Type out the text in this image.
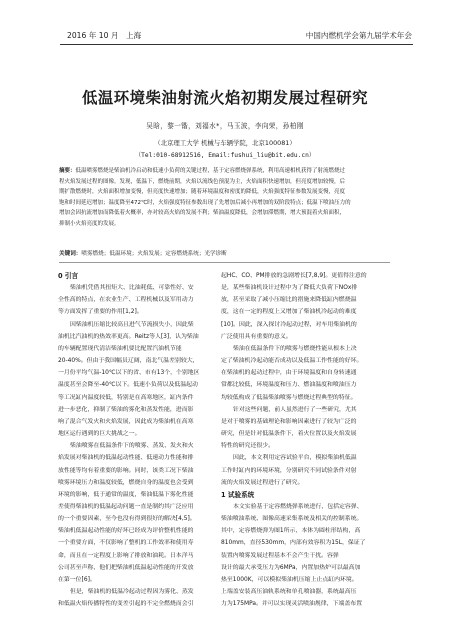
2016 年 10 月　上海	中国内燃机学会第九届学术年会
低温环境柴油射流火焰初期发展过程研究
吴晗，黎一锴，刘福水*，马玉波，李向荣，孙柏刚
（北京理工大学 机械与车辆学院，北京100081）
（Tel:010-68912516, Email:fushui_liu@bit.edu.cn）
摘要：低温喷雾燃烧是柴油机冷启动和低速小负荷的关键过程，基于定容燃烧弹系统，利用高速相机获得了射流燃烧过
程火焰发展过程的图像。发现，低温下，燃烧前期，火焰以流线色预混为主，火焰面积快速增加，但亮度增加较慢，后
期扩散燃烧时，火焰面积增加变慢，但亮度快速增加；随着环境温度和密度的降低，火焰强度特征参数发展变慢，亮度
饱和时间延迟增加；温度降至472℃时，火焰强度特征参数出现了先增加后减小再增加的双阶段特点；低温下喷油压力的
增加会因抗流增加而降低着火概率，亦对较高火焰的发展不利；柴油温度降低，会增加滞燃期，增大预混着火焰面积，
抑制小火焰亮度的发展。
关键词：喷雾燃烧；低温环境；火焰发展；定容燃烧系统；光学诊断
0 引言
柴油机凭借其扭矩大、比油耗低、可靠性好、安
全性高的特点，在农业生产、工程机械以及军用动力
等方面发挥了重要的作用[1,2]。
因柴油机压缩比较高且进气节流损失小，因此柴
油机比汽油机的热效率更高。Reitz等人[3]，认为柴油
的车辆配置现代清洁柴油机要比配置汽油机节能
20-40%。但由于我国幅员辽阔，南北气温差别较大，
一月份平均气温-10℃以下的省、市有13个，个别地区
温度甚至会降至-40℃以下。低速小负荷以及低温起动
等工况缸内温度较低，特别是在高寒地区，缸内条件
进一步恶化，抑制了柴油的雾化和蒸发性能，进而影
响了混合气发火和火焰发展，因此成为柴油机在高寒
地区运行遇到的巨大挑战之一。
柴油喷雾在低温条件下的喷雾、蒸发、发火和火
焰发展对柴油机的低温起动性能、低速动力性能和排
放性能等均有着重要的影响。同时，该类工况下柴油
喷雾环境压力和温度较低，燃烧自身的温度也会受到
环境的影响，低于通常的温度，柴油低温下雾化性能
差使得柴油机的低温起动问题一直是制约其广泛应用
的一个重要因素，至今也没有得到很好的解决[4,5]。
柴油机低温起动性能的好坏已经成为评价整机性能的
一个重要方面，不仅影响了整机的工作效率和使用寿
命，而且在一定程度上影响了排放和油耗。日本洋马
公司甚至声称，他们把柴油机低温起动性能的开发放
在第一位[6]。
但是，柴油机的低温冷起动过程因为雾化、蒸发
和低温火焰传播特性的变差引起的不完全燃烧而会引
起HC、CO、PM排放的急剧增长[7,8,9]。更值得注意的
是，某些柴油机设计过程中为了降低大负荷下NOx排
放，甚至采取了减小压缩比的措施来降低缸内燃烧温
度，这在一定的程度上又增加了柴油机冷起动的难度
[10]。因此，深入探讨冷起动过程，对车用柴油机的
广泛使用具有重要的意义。
柴油在低温条件下的喷雾与燃烧性能从根本上决
定了柴油机冷起动能否成功以及低温工作性能的好坏。
在柴油机的起动过程中，由于环境温度和自身转速通
常都比较低，环境温度和压力、燃油温度和喷油压力
均较低构成了低温柴油喷雾与燃烧过程典型的特征。
针对这些问题，前人虽然进行了一些研究，尤其
是对于喷雾的基础理论和影响因素进行了较为广泛的
研究，但是针对低温条件下，着火位置以及火焰发展
特性的研究还很少。
因此，本文利用定容试验平台，模拟柴油机低温
工作时缸内的环境环境，分别研究不同试验条件对射
流的火焰发展过程进行了研究。
1 试验系统
本文实验基于定容燃烧弹系统进行，包括定容弹、
柴油喷油系统、图像高速采集系统及相关的控制系统。
其中，定容燃烧弹为图1所示，本体为圆柱形结构，高
810mm，直径530mm，内部有效容积为15L，保证了
装置内喷雾发展过程基本不会产生干扰。容弹
设计的最大承受压力为6MPa，内置加热炉可以最高加
热至1000K，可以模拟柴油机压缩上止点缸内环境。
上端盖安装高压油轨系统和单孔喷油器，系统最高压
力为175MPa。并可以实现灵活喷油规律，下端盖布置
